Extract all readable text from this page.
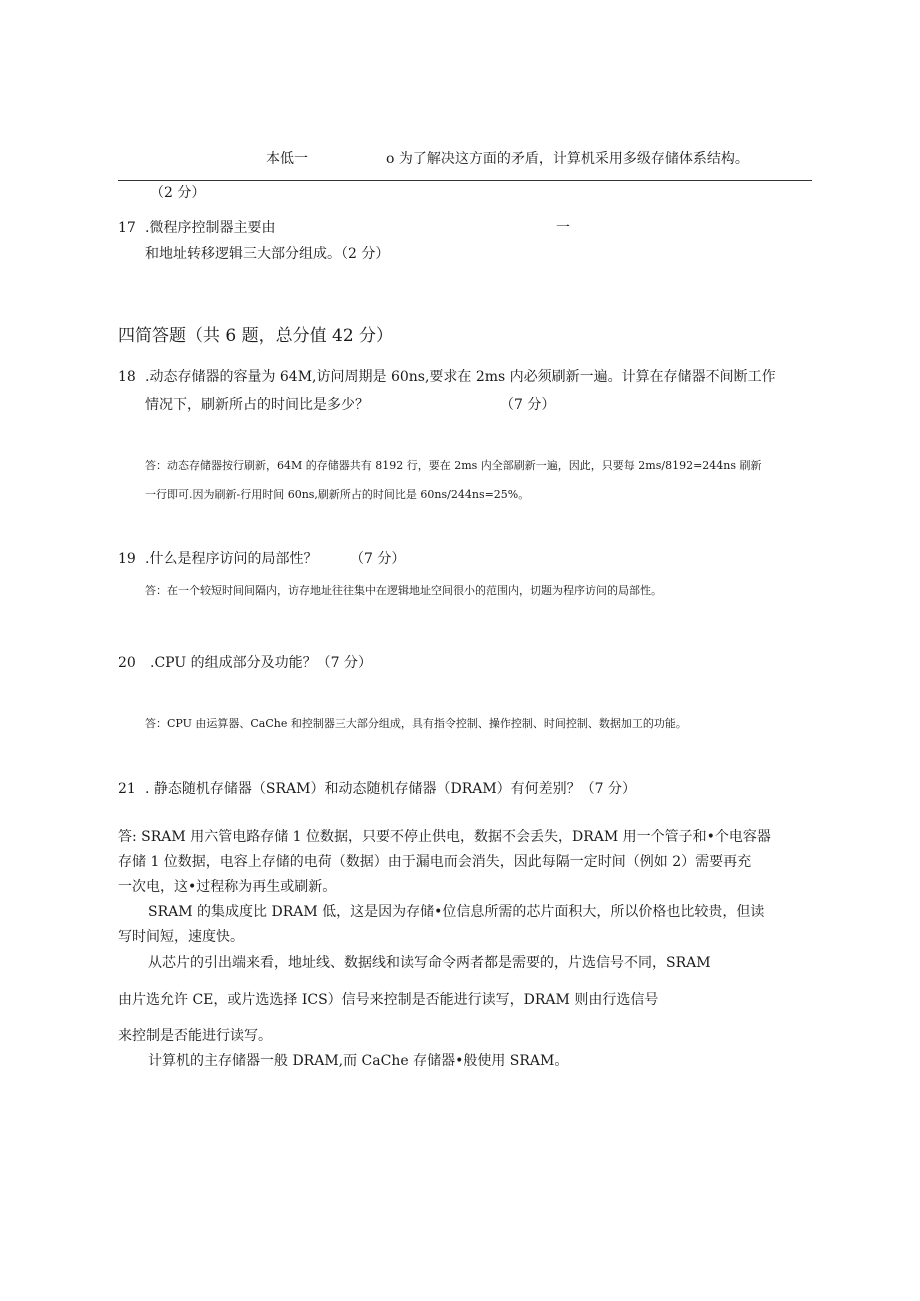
本低一	o 为了解决这方面的矛盾，计算机采用多级存储体系结构。
（2 分）
17 .微程序控制器主要由	一
和地址转移逻辑三大部分组成。（2 分）
四简答题（共 6 题，总分值 42 分）
18 .动态存储器的容量为 64M,访问周期是 60ns,要求在 2ms 内必须刷新一遍。计算在存储器不间断工作
情况下，刷新所占的时间比是多少？	（7 分）
答：动态存储器按行刷新，64M 的存储器共有 8192 行，要在 2ms 内全部刷新一遍，因此，只要每 2ms/8192=244ns 刷新
一行即可.因为刷新-行用时间 60ns,刷新所占的时间比是 60ns/244ns=25%。
19 .什么是程序访问的局部性？ （7 分）
答：在一个较短时间间隔内，访存地址往往集中在逻辑地址空间很小的范围内，切题为程序访问的局部性。
20 .CPU 的组成部分及功能？（7 分）
答：CPU 由运算器、CaChe 和控制器三大部分组成，具有指令控制、操作控制、时间控制、数据加工的功能。
21 . 静态随机存储器（SRAM）和动态随机存储器（DRAM）有何差别？（7 分）
答: SRAM 用六管电路存储 1 位数据，只要不停止供电，数据不会丢失，DRAM 用一个管子和•个电容器
存储 1 位数据，电容上存储的电荷（数据）由于漏电而会消失，因此每隔一定时间（例如 2）需要再充
一次电，这•过程称为再生或刷新。
SRAM 的集成度比 DRAM 低，这是因为存储•位信息所需的芯片面积大，所以价格也比较贵，但读
写时间短，速度快。
从芯片的引出端来看，地址线、数据线和读写命令两者都是需要的，片选信号不同，SRAM
由片选允许 CE，或片选选择 ICS）信号来控制是否能进行读写，DRAM 则由行选信号
来控制是否能进行读写。
计算机的主存储器一般 DRAM,而 CaChe 存储器•般使用 SRAM。
